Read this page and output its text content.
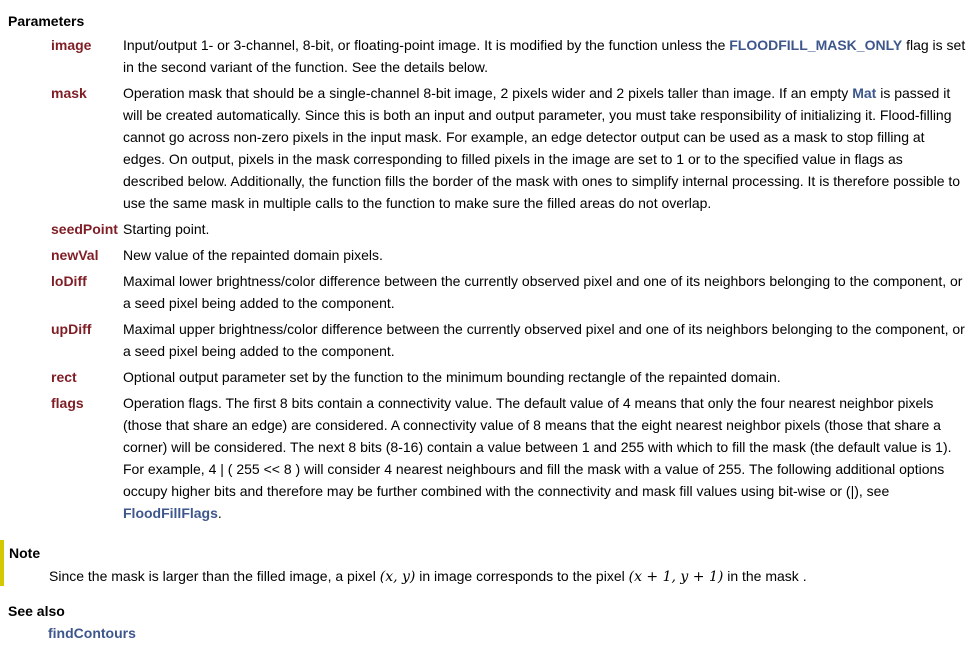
Parameters
image	Input/output 1- or 3-channel, 8-bit, or floating-point image. It is modified by the function unless the FLOODFILL_MASK_ONLY flag is set in the second variant of the function. See the details below.
mask	Operation mask that should be a single-channel 8-bit image, 2 pixels wider and 2 pixels taller than image. If an empty Mat is passed it will be created automatically. Since this is both an input and output parameter, you must take responsibility of initializing it. Flood-filling cannot go across non-zero pixels in the input mask. For example, an edge detector output can be used as a mask to stop filling at edges. On output, pixels in the mask corresponding to filled pixels in the image are set to 1 or to the specified value in flags as described below. Additionally, the function fills the border of the mask with ones to simplify internal processing. It is therefore possible to use the same mask in multiple calls to the function to make sure the filled areas do not overlap.
seedPoint Starting point.
newVal	New value of the repainted domain pixels.
loDiff	Maximal lower brightness/color difference between the currently observed pixel and one of its neighbors belonging to the component, or a seed pixel being added to the component.
upDiff	Maximal upper brightness/color difference between the currently observed pixel and one of its neighbors belonging to the component, or a seed pixel being added to the component.
rect	Optional output parameter set by the function to the minimum bounding rectangle of the repainted domain.
flags	Operation flags. The first 8 bits contain a connectivity value. The default value of 4 means that only the four nearest neighbor pixels (those that share an edge) are considered. A connectivity value of 8 means that the eight nearest neighbor pixels (those that share a corner) will be considered. The next 8 bits (8-16) contain a value between 1 and 255 with which to fill the mask (the default value is 1). For example, 4 | ( 255 << 8 ) will consider 4 nearest neighbours and fill the mask with a value of 255. The following additional options occupy higher bits and therefore may be further combined with the connectivity and mask fill values using bit-wise or (|), see FloodFillFlags.
Note
Since the mask is larger than the filled image, a pixel (x, y) in image corresponds to the pixel (x + 1, y + 1) in the mask .
See also
findContours
